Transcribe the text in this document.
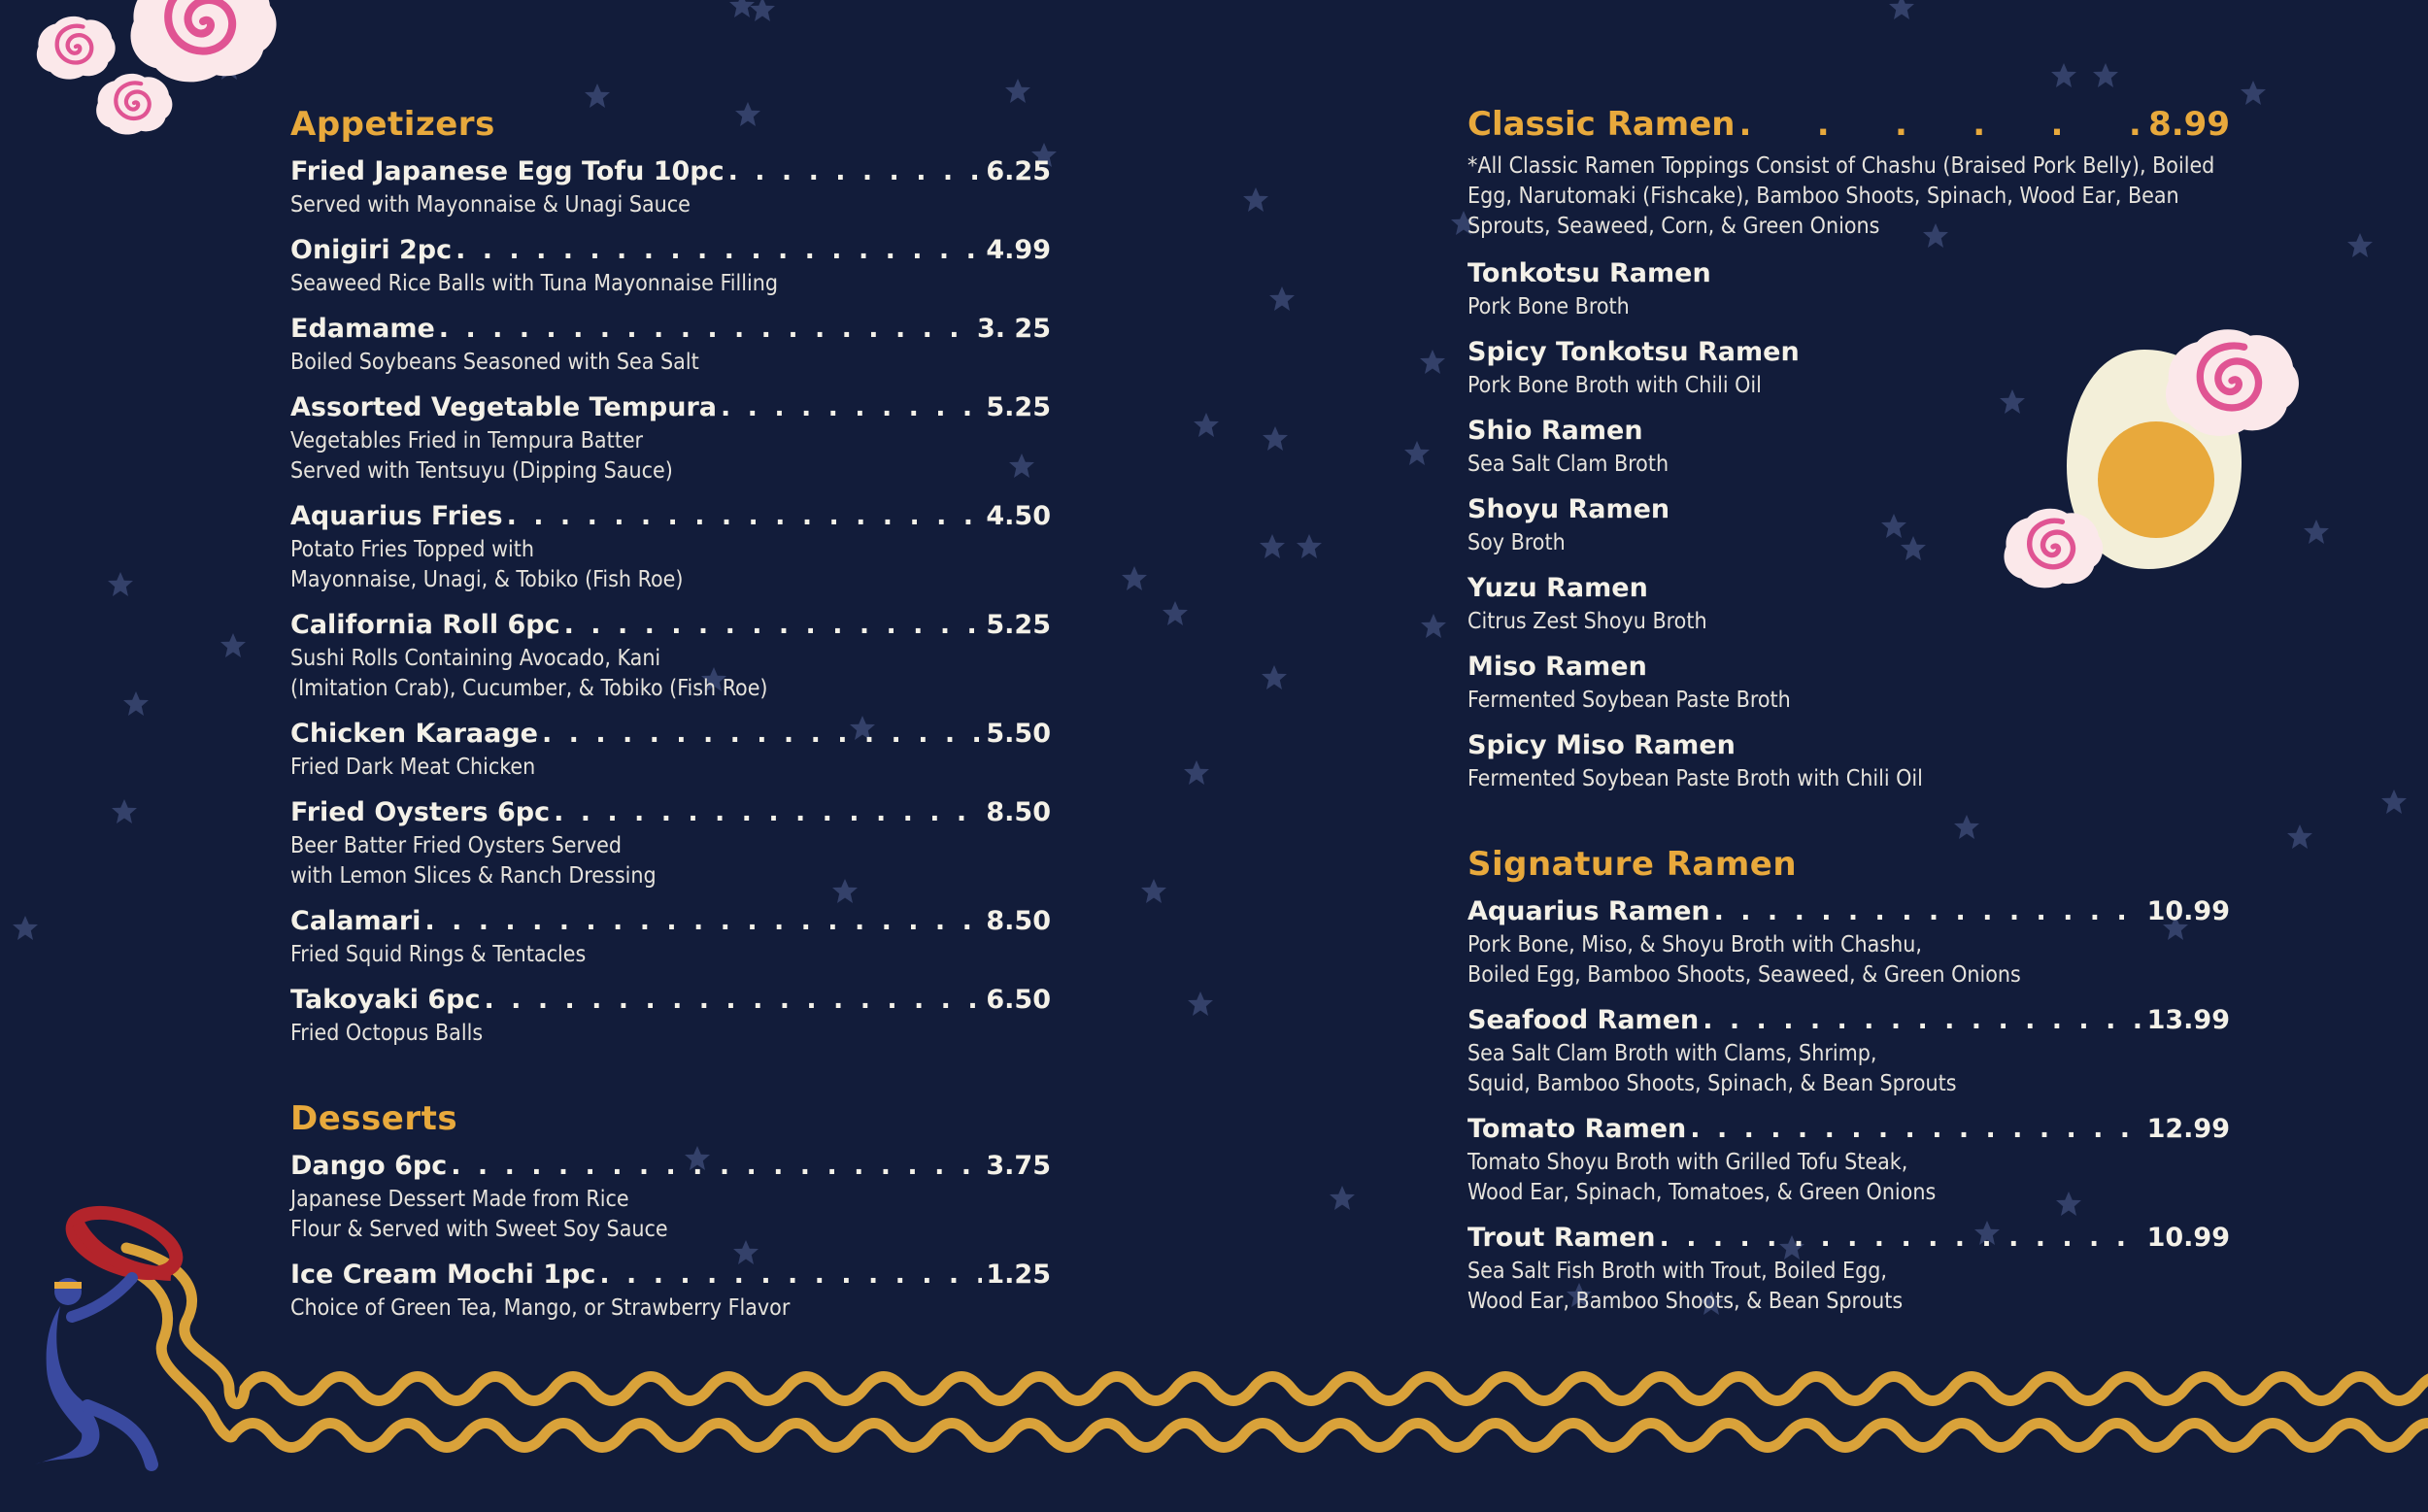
Appetizers
Fried Japanese Egg Tofu 10pc . . .	6.25
Served with Mayonnaise & Unagi Sauce
Onigiri 2pc . . .	4.99
Seaweed Rice Balls with Tuna Mayonnaise Filling
Edamame . . .	3. 25
Boiled Soybeans Seasoned with Sea Salt
Assorted Vegetable Tempura . . .	5.25
Vegetables Fried in Tempura Batter
Served with Tentsuyu (Dipping Sauce)
Aquarius Fries . . .	4.50
Potato Fries Topped with
Mayonnaise, Unagi, & Tobiko (Fish Roe)
California Roll 6pc . . .	5.25
Sushi Rolls Containing Avocado, Kani
(Imitation Crab), Cucumber, & Tobiko (Fish Roe)
Chicken Karaage . . .	5.50
Fried Dark Meat Chicken
Fried Oysters 6pc . . .	8.50
Beer Batter Fried Oysters Served
with Lemon Slices & Ranch Dressing
Calamari . . .	8.50
Fried Squid Rings & Tentacles
Takoyaki 6pc . . .	6.50
Fried Octopus Balls
Desserts
Dango 6pc . . .	3.75
Japanese Dessert Made from Rice
Flour & Served with Sweet Soy Sauce
Ice Cream Mochi 1pc . . .	1.25
Choice of Green Tea, Mango, or Strawberry Flavor
Classic Ramen .	8.99
*All Classic Ramen Toppings Consist of Chashu (Braised Pork Belly), Boiled Egg, Narutomaki (Fishcake), Bamboo Shoots, Spinach, Wood Ear, Bean Sprouts, Seaweed, Corn, & Green Onions
Tonkotsu Ramen
Pork Bone Broth
Spicy Tonkotsu Ramen
Pork Bone Broth with Chili Oil
Shio Ramen
Sea Salt Clam Broth
Shoyu Ramen
Soy Broth
Yuzu Ramen
Citrus Zest Shoyu Broth
Miso Ramen
Fermented Soybean Paste Broth
Spicy Miso Ramen
Fermented Soybean Paste Broth with Chili Oil
Signature Ramen
Aquarius Ramen . . .	10.99
Pork Bone, Miso, & Shoyu Broth with Chashu,
Boiled Egg, Bamboo Shoots, Seaweed, & Green Onions
Seafood Ramen . . .	13.99
Sea Salt Clam Broth with Clams, Shrimp,
Squid, Bamboo Shoots, Spinach, & Bean Sprouts
Tomato Ramen . . .	12.99
Tomato Shoyu Broth with Grilled Tofu Steak,
Wood Ear, Spinach, Tomatoes, & Green Onions
Trout Ramen . . .	10.99
Sea Salt Fish Broth with Trout, Boiled Egg,
Wood Ear, Bamboo Shoots, & Bean Sprouts
